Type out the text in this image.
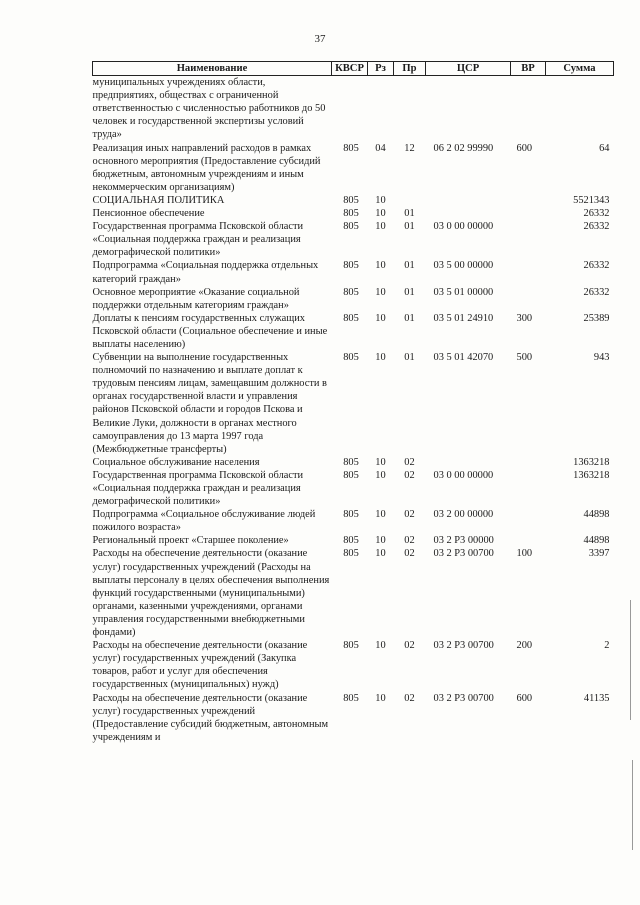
37
Наименование	КВСР	Рз	Пр	ЦСР	ВР	Сумма
муниципальных учреждениях области, предприятиях, обществах с ограниченной ответственностью с численностью работников до 50 человек и государственной экспертизы условий труда»						
Реализация иных направлений расходов в рамках основного мероприятия (Предоставление субсидий бюджетным, автономным учреждениям и иным некоммерческим организациям)	805	04	12	06 2 02 99990	600	64
СОЦИАЛЬНАЯ ПОЛИТИКА	805	10				5521343
Пенсионное обеспечение	805	10	01			26332
Государственная программа Псковской области «Социальная поддержка граждан и реализация демографической политики»	805	10	01	03 0 00 00000		26332
Подпрограмма «Социальная поддержка отдельных категорий граждан»	805	10	01	03 5 00 00000		26332
Основное мероприятие «Оказание социальной поддержки отдельным категориям граждан»	805	10	01	03 5 01 00000		26332
Доплаты к пенсиям государственных служащих Псковской области (Социальное обеспечение и иные выплаты населению)	805	10	01	03 5 01 24910	300	25389
Субвенции на выполнение государственных полномочий по назначению и выплате доплат к трудовым пенсиям лицам, замещавшим должности в органах государственной власти и управления районов Псковской области и городов Пскова и Великие Луки, должности в органах местного самоуправления до 13 марта 1997 года (Межбюджетные трансферты)	805	10	01	03 5 01 42070	500	943
Социальное обслуживание населения	805	10	02			1363218
Государственная программа Псковской области «Социальная поддержка граждан и реализация демографической политики»	805	10	02	03 0 00 00000		1363218
Подпрограмма «Социальное обслуживание людей пожилого возраста»	805	10	02	03 2 00 00000		44898
Региональный проект «Старшее поколение»	805	10	02	03 2 P3 00000		44898
Расходы на обеспечение деятельности (оказание услуг) государственных учреждений (Расходы на выплаты персоналу в целях обеспечения выполнения функций государственными (муниципальными) органами, казенными учреждениями, органами управления государственными внебюджетными фондами)	805	10	02	03 2 P3 00700	100	3397
Расходы на обеспечение деятельности (оказание услуг) государственных учреждений (Закупка товаров, работ и услуг для обеспечения государственных (муниципальных) нужд)	805	10	02	03 2 P3 00700	200	2
Расходы на обеспечение деятельности (оказание услуг) государственных учреждений (Предоставление субсидий бюджетным, автономным учреждениям и	805	10	02	03 2 P3 00700	600	41135
